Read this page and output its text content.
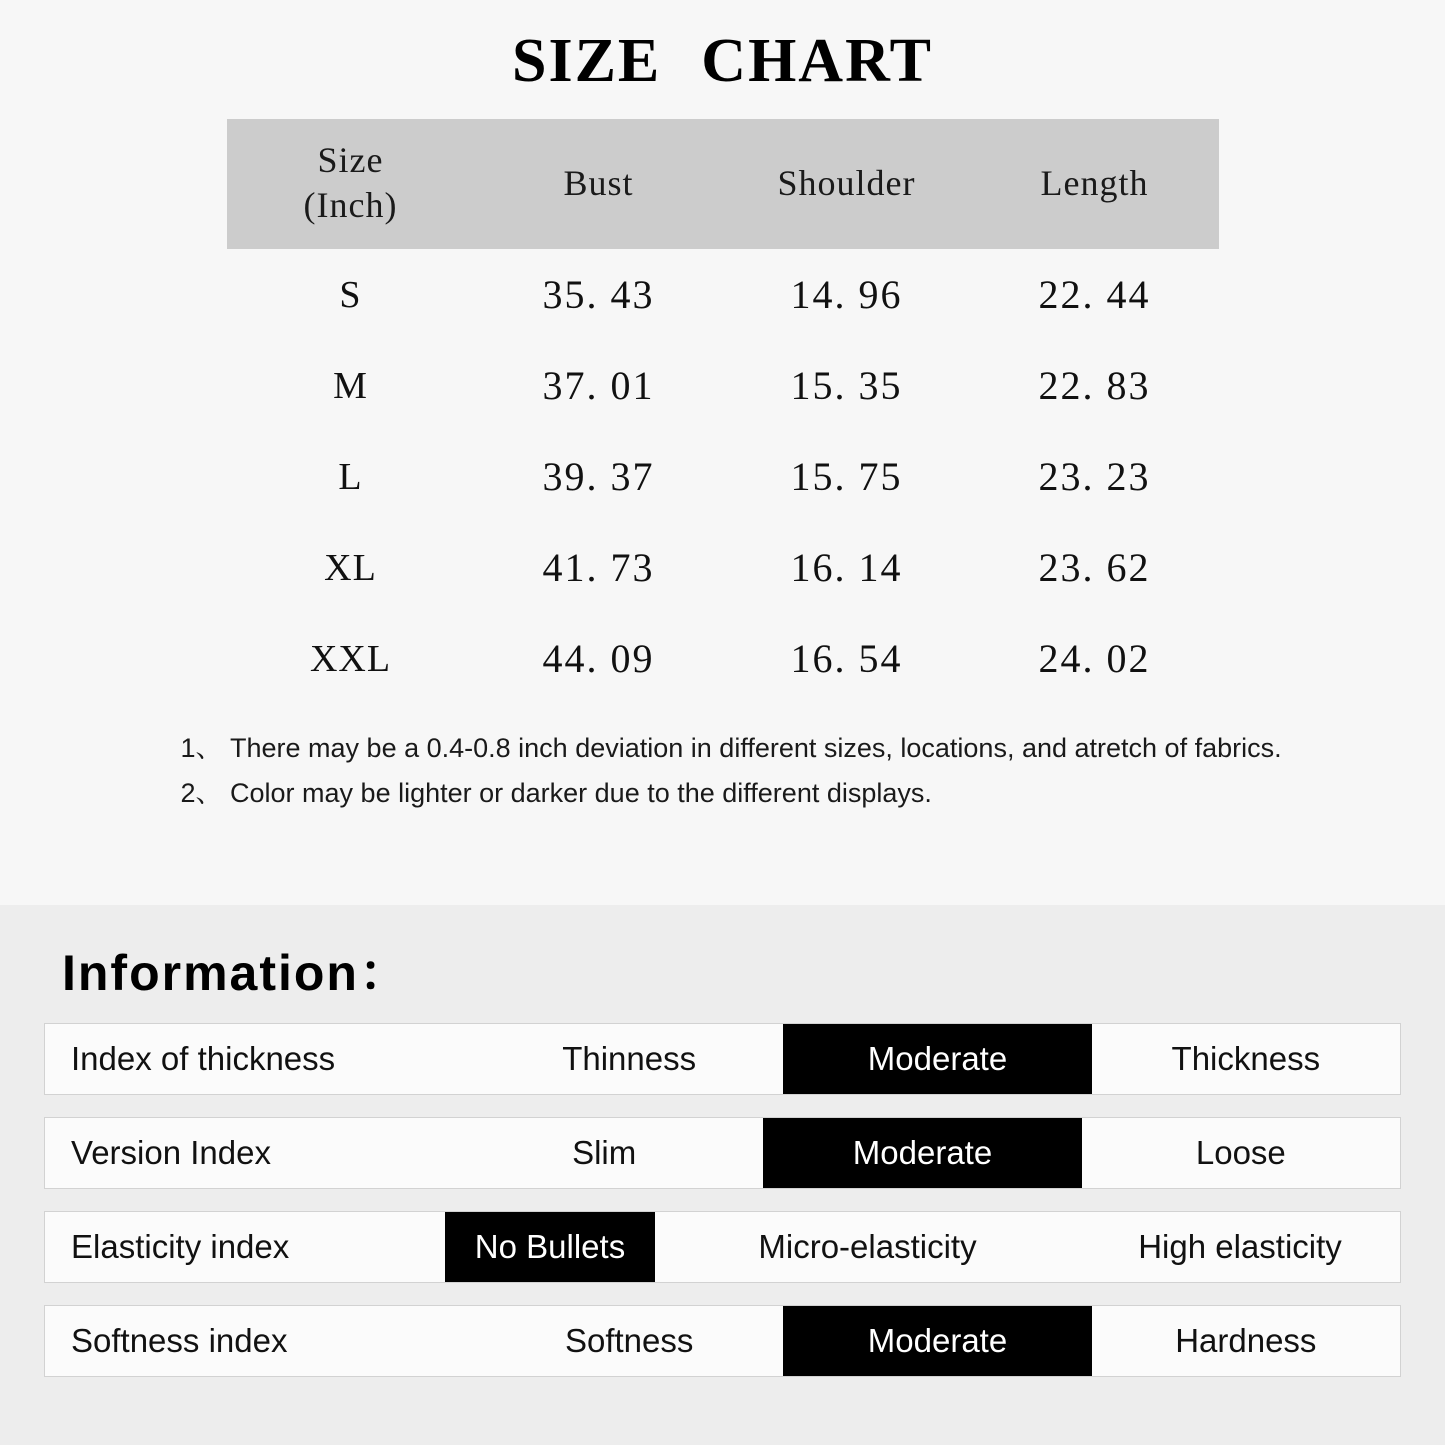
SIZE CHART
Size
(Inch)	Bust	Shoulder	Length
S	35. 43	14. 96	22. 44
M	37. 01	15. 35	22. 83
L	39. 37	15. 75	23. 23
XL	41. 73	16. 14	23. 62
XXL	44. 09	16. 54	24. 02
1、 There may be a 0.4-0.8 inch deviation in different sizes, locations, and atretch of fabrics.
2、 Color may be lighter or darker due to the different displays.
Information：
Index of thickness	Thinness	Moderate	Thickness
Version Index	Slim	Moderate	Loose
Elasticity index	No Bullets	Micro-elasticity	High elasticity
Softness index	Softness	Moderate	Hardness
